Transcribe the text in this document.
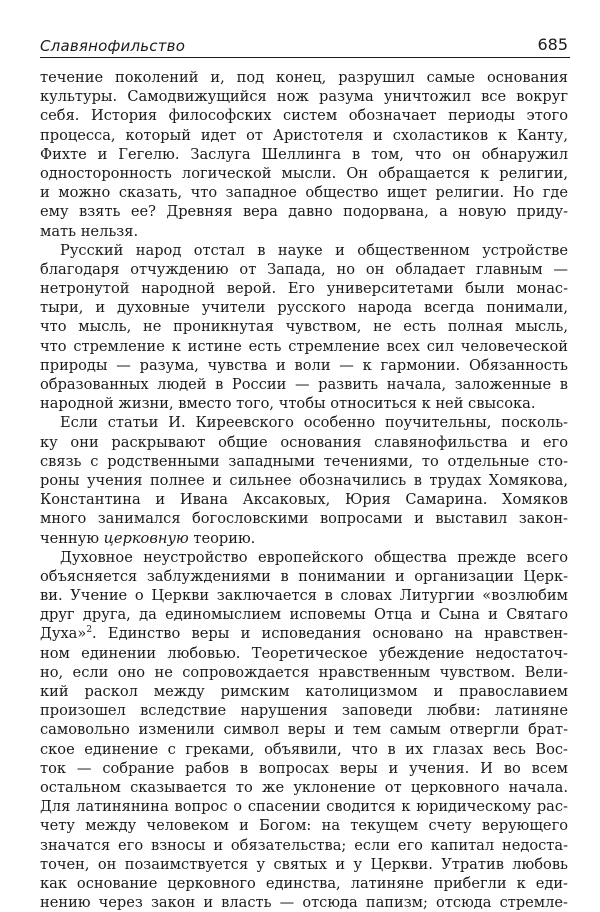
Славянофильство	685

течение поколений и, под конец, разрушил самые основания
культуры. Самодвижущийся нож разума уничтожил все вокруг
себя. История философских систем обозначает периоды этого
процесса, который идет от Аристотеля и схоластиков к Канту,
Фихте и Гегелю. Заслуга Шеллинга в том, что он обнаружил
односторонность логической мысли. Он обращается к религии,
и можно сказать, что западное общество ищет религии. Но где
ему взять ее? Древняя вера давно подорвана, а новую приду-
мать нельзя.

Русский народ отстал в науке и общественном устройстве
благодаря отчуждению от Запада, но он обладает главным —
нетронутой народной верой. Его университетами были монас-
тыри, и духовные учители русского народа всегда понимали,
что мысль, не проникнутая чувством, не есть полная мысль,
что стремление к истине есть стремление всех сил человеческой
природы — разума, чувства и воли — к гармонии. Обязанность
образованных людей в России — развить начала, заложенные в
народной жизни, вместо того, чтобы относиться к ней свысока.

Если статьи И. Киреевского особенно поучительны, посколь-
ку они раскрывают общие основания славянофильства и его
связь с родственными западными течениями, то отдельные сто-
роны учения полнее и сильнее обозначились в трудах Хомякова,
Константина и Ивана Аксаковых, Юрия Самарина. Хомяков
много занимался богословскими вопросами и выставил закон-
ченную церковную теорию.

Духовное неустройство европейского общества прежде всего
объясняется заблуждениями в понимании и организации Церк-
ви. Учение о Церкви заключается в словах Литургии «возлюбим
друг друга, да единомыслием исповемы Отца и Сына и Святаго
Духа»$^2$. Единство веры и исповедания основано на нравствен-
ном единении любовью. Теоретическое убеждение недостаточ-
но, если оно не сопровождается нравственным чувством. Вели-
кий раскол между римским католицизмом и православием
произошел вследствие нарушения заповеди любви: латиняне
самовольно изменили символ веры и тем самым отвергли брат-
ское единение с греками, объявили, что в их глазах весь Вос-
ток — собрание рабов в вопросах веры и учения. И во всем
остальном сказывается то же уклонение от церковного начала.
Для латинянина вопрос о спасении сводится к юридическому рас-
чету между человеком и Богом: на текущем счету верующего
значатся его взносы и обязательства; если его капитал недоста-
точен, он позаимствуется у святых и у Церкви. Утратив любовь
как основание церковного единства, латиняне прибегли к еди-
нению через закон и власть — отсюда папизм; отсюда стремле-
